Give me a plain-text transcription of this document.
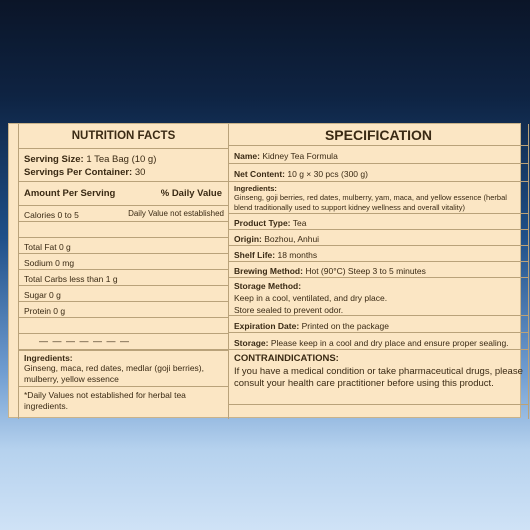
NUTRITION FACTS
Serving Size: 1 Tea Bag (10 g)
Servings Per Container: 30
Amount Per Serving	% Daily Value
Calories 0 to 5	Daily Value not established
Total Fat 0 g
Sodium 0 mg
Total Carbs less than 1 g
Sugar 0 g
Protein 0 g
— — — — — — —
Ingredients:
Ginseng, maca, red dates, medlar (goji berries), mulberry, yellow essence
*Daily Values not established for herbal tea ingredients.
SPECIFICATION
Name: Kidney Tea Formula
Net Content: 10 g × 30 pcs (300 g)
Ingredients:
Ginseng, goji berries, red dates, mulberry, yam, maca, and yellow essence (herbal blend traditionally used to support kidney wellness and overall vitality)
Product Type: Tea
Origin: Bozhou, Anhui
Shelf Life: 18 months
Brewing Method: Hot (90°C) Steep 3 to 5 minutes
Storage Method:
Keep in a cool, ventilated, and dry place.
Store sealed to prevent odor.
Expiration Date: Printed on the package
Storage: Please keep in a cool and dry place and ensure proper sealing.
CONTRAINDICATIONS:
If you have a medical condition or take pharmaceutical drugs, please consult your health care practitioner before using this product.
